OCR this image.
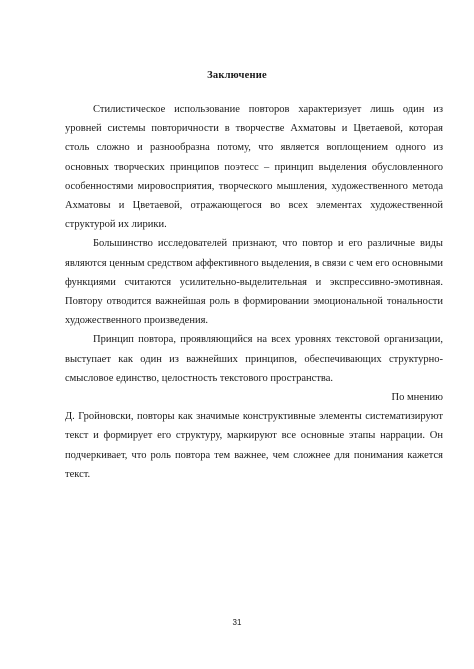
Заключение

Стилистическое использование повторов характеризует лишь один из уровней системы повторичности в творчестве Ахматовы и Цветаевой, которая столь сложно и разнообразна потому, что является воплощением одного из основных творческих принципов поэтесс – принцип выделения обусловленного особенностями мировосприятия, творческого мышления, художественного метода Ахматовы и Цветаевой, отражающегося во всех элементах художественной структурой их лирики.

Большинство исследователей признают, что повтор и его различные виды являются ценным средством аффективного выделения, в связи с чем его основными функциями считаются усилительно-выделительная и экспрессивно-эмотивная. Повтору отводится важнейшая роль в формировании эмоциональной тональности художественного произведения.

Принцип повтора, проявляющийся на всех уровнях текстовой организации, выступает как один из важнейших принципов, обеспечивающих структурно-смысловое единство, целостность текстового пространства.

По мнению

Д. Гройновски, повторы как значимые конструктивные элементы систематизируют текст и формирует его структуру, маркируют все основные этапы наррации. Он подчеркивает, что роль повтора тем важнее, чем сложнее для понимания кажется текст.

31
